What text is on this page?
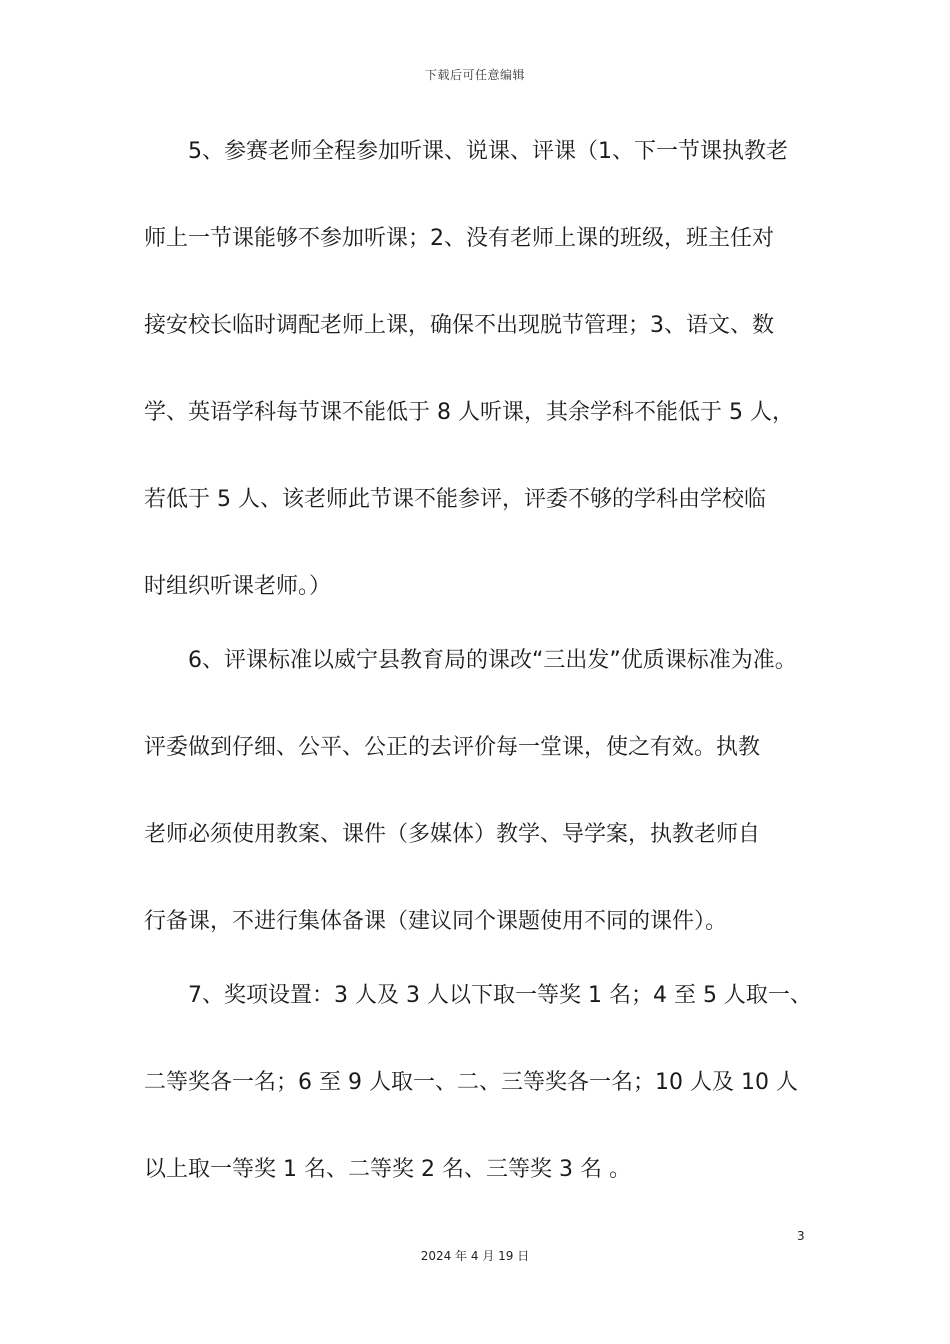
下载后可任意编辑
　　5、参赛老师全程参加听课、说课、评课（1、下一节课执教老
师上一节课能够不参加听课；2、没有老师上课的班级，班主任对
接安校长临时调配老师上课，确保不出现脱节管理；3、语文、数
学、英语学科每节课不能低于 8 人听课，其余学科不能低于 5 人，
若低于 5 人、该老师此节课不能参评，评委不够的学科由学校临
时组织听课老师。）
　　6、评课标准以威宁县教育局的课改“三出发”优质课标准为准。
评委做到仔细、公平、公正的去评价每一堂课，使之有效。执教
老师必须使用教案、课件（多媒体）教学、导学案，执教老师自
行备课，不进行集体备课（建议同个课题使用不同的课件）。
　　7、奖项设置：3 人及 3 人以下取一等奖 1 名；4 至 5 人取一、
二等奖各一名；6 至 9 人取一、二、三等奖各一名；10 人及 10 人
以上取一等奖 1 名、二等奖 2 名、三等奖 3 名 。
3
2024 年 4 月 19 日
